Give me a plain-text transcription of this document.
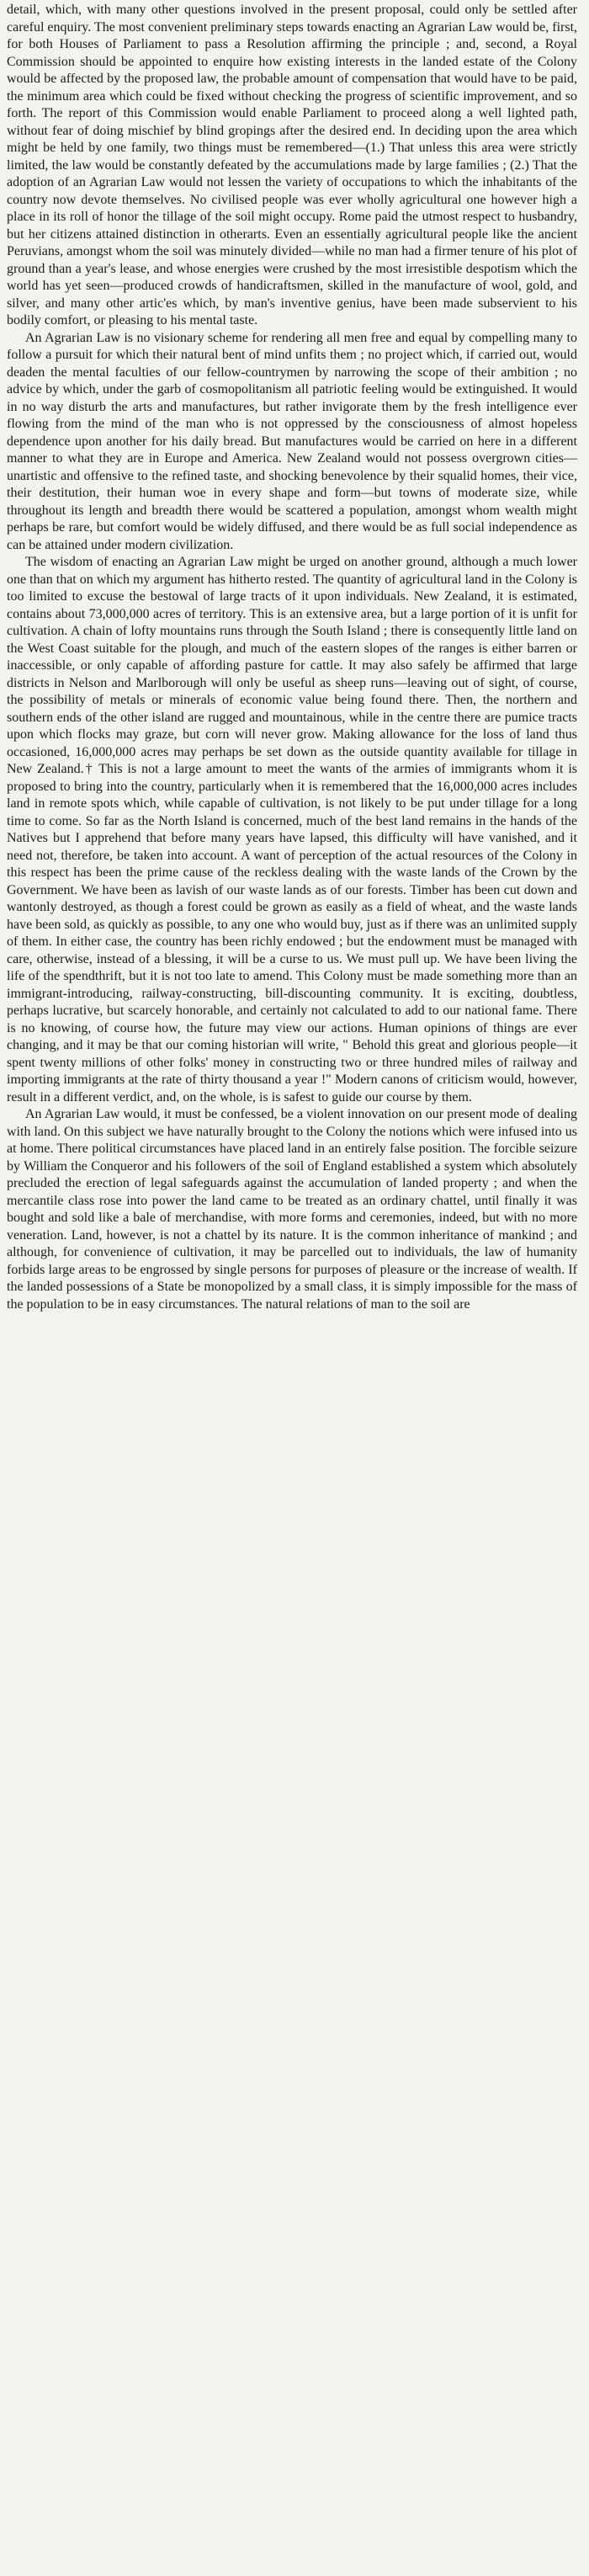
detail, which, with many other questions involved in the present proposal, could only be settled after careful enquiry. The most convenient preliminary steps towards enacting an Agrarian Law would be, first, for both Houses of Parliament to pass a Resolution affirming the principle ; and, second, a Royal Commission should be appointed to enquire how existing interests in the landed estate of the Colony would be affected by the proposed law, the probable amount of compensation that would have to be paid, the minimum area which could be fixed without checking the progress of scientific improvement, and so forth. The report of this Commission would enable Parliament to proceed along a well lighted path, without fear of doing mischief by blind gropings after the desired end. In deciding upon the area which might be held by one family, two things must be remembered—(1.) That unless this area were strictly limited, the law would be constantly defeated by the accumulations made by large families ; (2.) That the adoption of an Agrarian Law would not lessen the variety of occupations to which the inhabitants of the country now devote themselves. No civilised people was ever wholly agricultural one however high a place in its roll of honor the tillage of the soil might occupy. Rome paid the utmost respect to husbandry, but her citizens attained distinction in otherarts. Even an essentially agricultural people like the ancient Peruvians, amongst whom the soil was minutely divided—while no man had a firmer tenure of his plot of ground than a year's lease, and whose energies were crushed by the most irresistible despotism which the world has yet seen—produced crowds of handicraftsmen, skilled in the manufacture of wool, gold, and silver, and many other artic'es which, by man's inventive genius, have been made subservient to his bodily comfort, or pleasing to his mental taste.

An Agrarian Law is no visionary scheme for rendering all men free and equal by compelling many to follow a pursuit for which their natural bent of mind unfits them ; no project which, if carried out, would deaden the mental faculties of our fellow-countrymen by narrowing the scope of their ambition ; no advice by which, under the garb of cosmopolitanism all patriotic feeling would be extinguished. It would in no way disturb the arts and manufactures, but rather invigorate them by the fresh intelligence ever flowing from the mind of the man who is not oppressed by the consciousness of almost hopeless dependence upon another for his daily bread. But manufactures would be carried on here in a different manner to what they are in Europe and America. New Zealand would not possess overgrown cities—unartistic and offensive to the refined taste, and shocking benevolence by their squalid homes, their vice, their destitution, their human woe in every shape and form—but towns of moderate size, while throughout its length and breadth there would be scattered a population, amongst whom wealth might perhaps be rare, but comfort would be widely diffused, and there would be as full social independence as can be attained under modern civilization.

The wisdom of enacting an Agrarian Law might be urged on another ground, although a much lower one than that on which my argument has hitherto rested. The quantity of agricultural land in the Colony is too limited to excuse the bestowal of large tracts of it upon individuals. New Zealand, it is estimated, contains about 73,000,000 acres of territory. This is an extensive area, but a large portion of it is unfit for cultivation. A chain of lofty mountains runs through the South Island ; there is consequently little land on the West Coast suitable for the plough, and much of the eastern slopes of the ranges is either barren or inaccessible, or only capable of affording pasture for cattle. It may also safely be affirmed that large districts in Nelson and Marlborough will only be useful as sheep runs—leaving out of sight, of course, the possibility of metals or minerals of economic value being found there. Then, the northern and southern ends of the other island are rugged and mountainous, while in the centre there are pumice tracts upon which flocks may graze, but corn will never grow. Making allowance for the loss of land thus occasioned, 16,000,000 acres may perhaps be set down as the outside quantity available for tillage in New Zealand.† This is not a large amount to meet the wants of the armies of immigrants whom it is proposed to bring into the country, particularly when it is remembered that the 16,000,000 acres includes land in remote spots which, while capable of cultivation, is not likely to be put under tillage for a long time to come. So far as the North Island is concerned, much of the best land remains in the hands of the Natives but I apprehend that before many years have lapsed, this difficulty will have vanished, and it need not, therefore, be taken into account. A want of perception of the actual resources of the Colony in this respect has been the prime cause of the reckless dealing with the waste lands of the Crown by the Government. We have been as lavish of our waste lands as of our forests. Timber has been cut down and wantonly destroyed, as though a forest could be grown as easily as a field of wheat, and the waste lands have been sold, as quickly as possible, to any one who would buy, just as if there was an unlimited supply of them. In either case, the country has been richly endowed ; but the endowment must be managed with care, otherwise, instead of a blessing, it will be a curse to us. We must pull up. We have been living the life of the spendthrift, but it is not too late to amend. This Colony must be made something more than an immigrant-introducing, railway-constructing, bill-discounting community. It is exciting, doubtless, perhaps lucrative, but scarcely honorable, and certainly not calculated to add to our national fame. There is no knowing, of course how, the future may view our actions. Human opinions of things are ever changing, and it may be that our coming historian will write, " Behold this great and glorious people—it spent twenty millions of other folks' money in constructing two or three hundred miles of railway and importing immigrants at the rate of thirty thousand a year !" Modern canons of criticism would, however, result in a different verdict, and, on the whole, is is safest to guide our course by them.

An Agrarian Law would, it must be confessed, be a violent innovation on our present mode of dealing with land. On this subject we have naturally brought to the Colony the notions which were infused into us at home. There political circumstances have placed land in an entirely false position. The forcible seizure by William the Conqueror and his followers of the soil of England established a system which absolutely precluded the erection of legal safeguards against the accumulation of landed property ; and when the mercantile class rose into power the land came to be treated as an ordinary chattel, until finally it was bought and sold like a bale of merchandise, with more forms and ceremonies, indeed, but with no more veneration. Land, however, is not a chattel by its nature. It is the common inheritance of mankind ; and although, for convenience of cultivation, it may be parcelled out to individuals, the law of humanity forbids large areas to be engrossed by single persons for purposes of pleasure or the increase of wealth. If the landed possessions of a State be monopolized by a small class, it is simply impossible for the mass of the population to be in easy circumstances. The natural relations of man to the soil are
